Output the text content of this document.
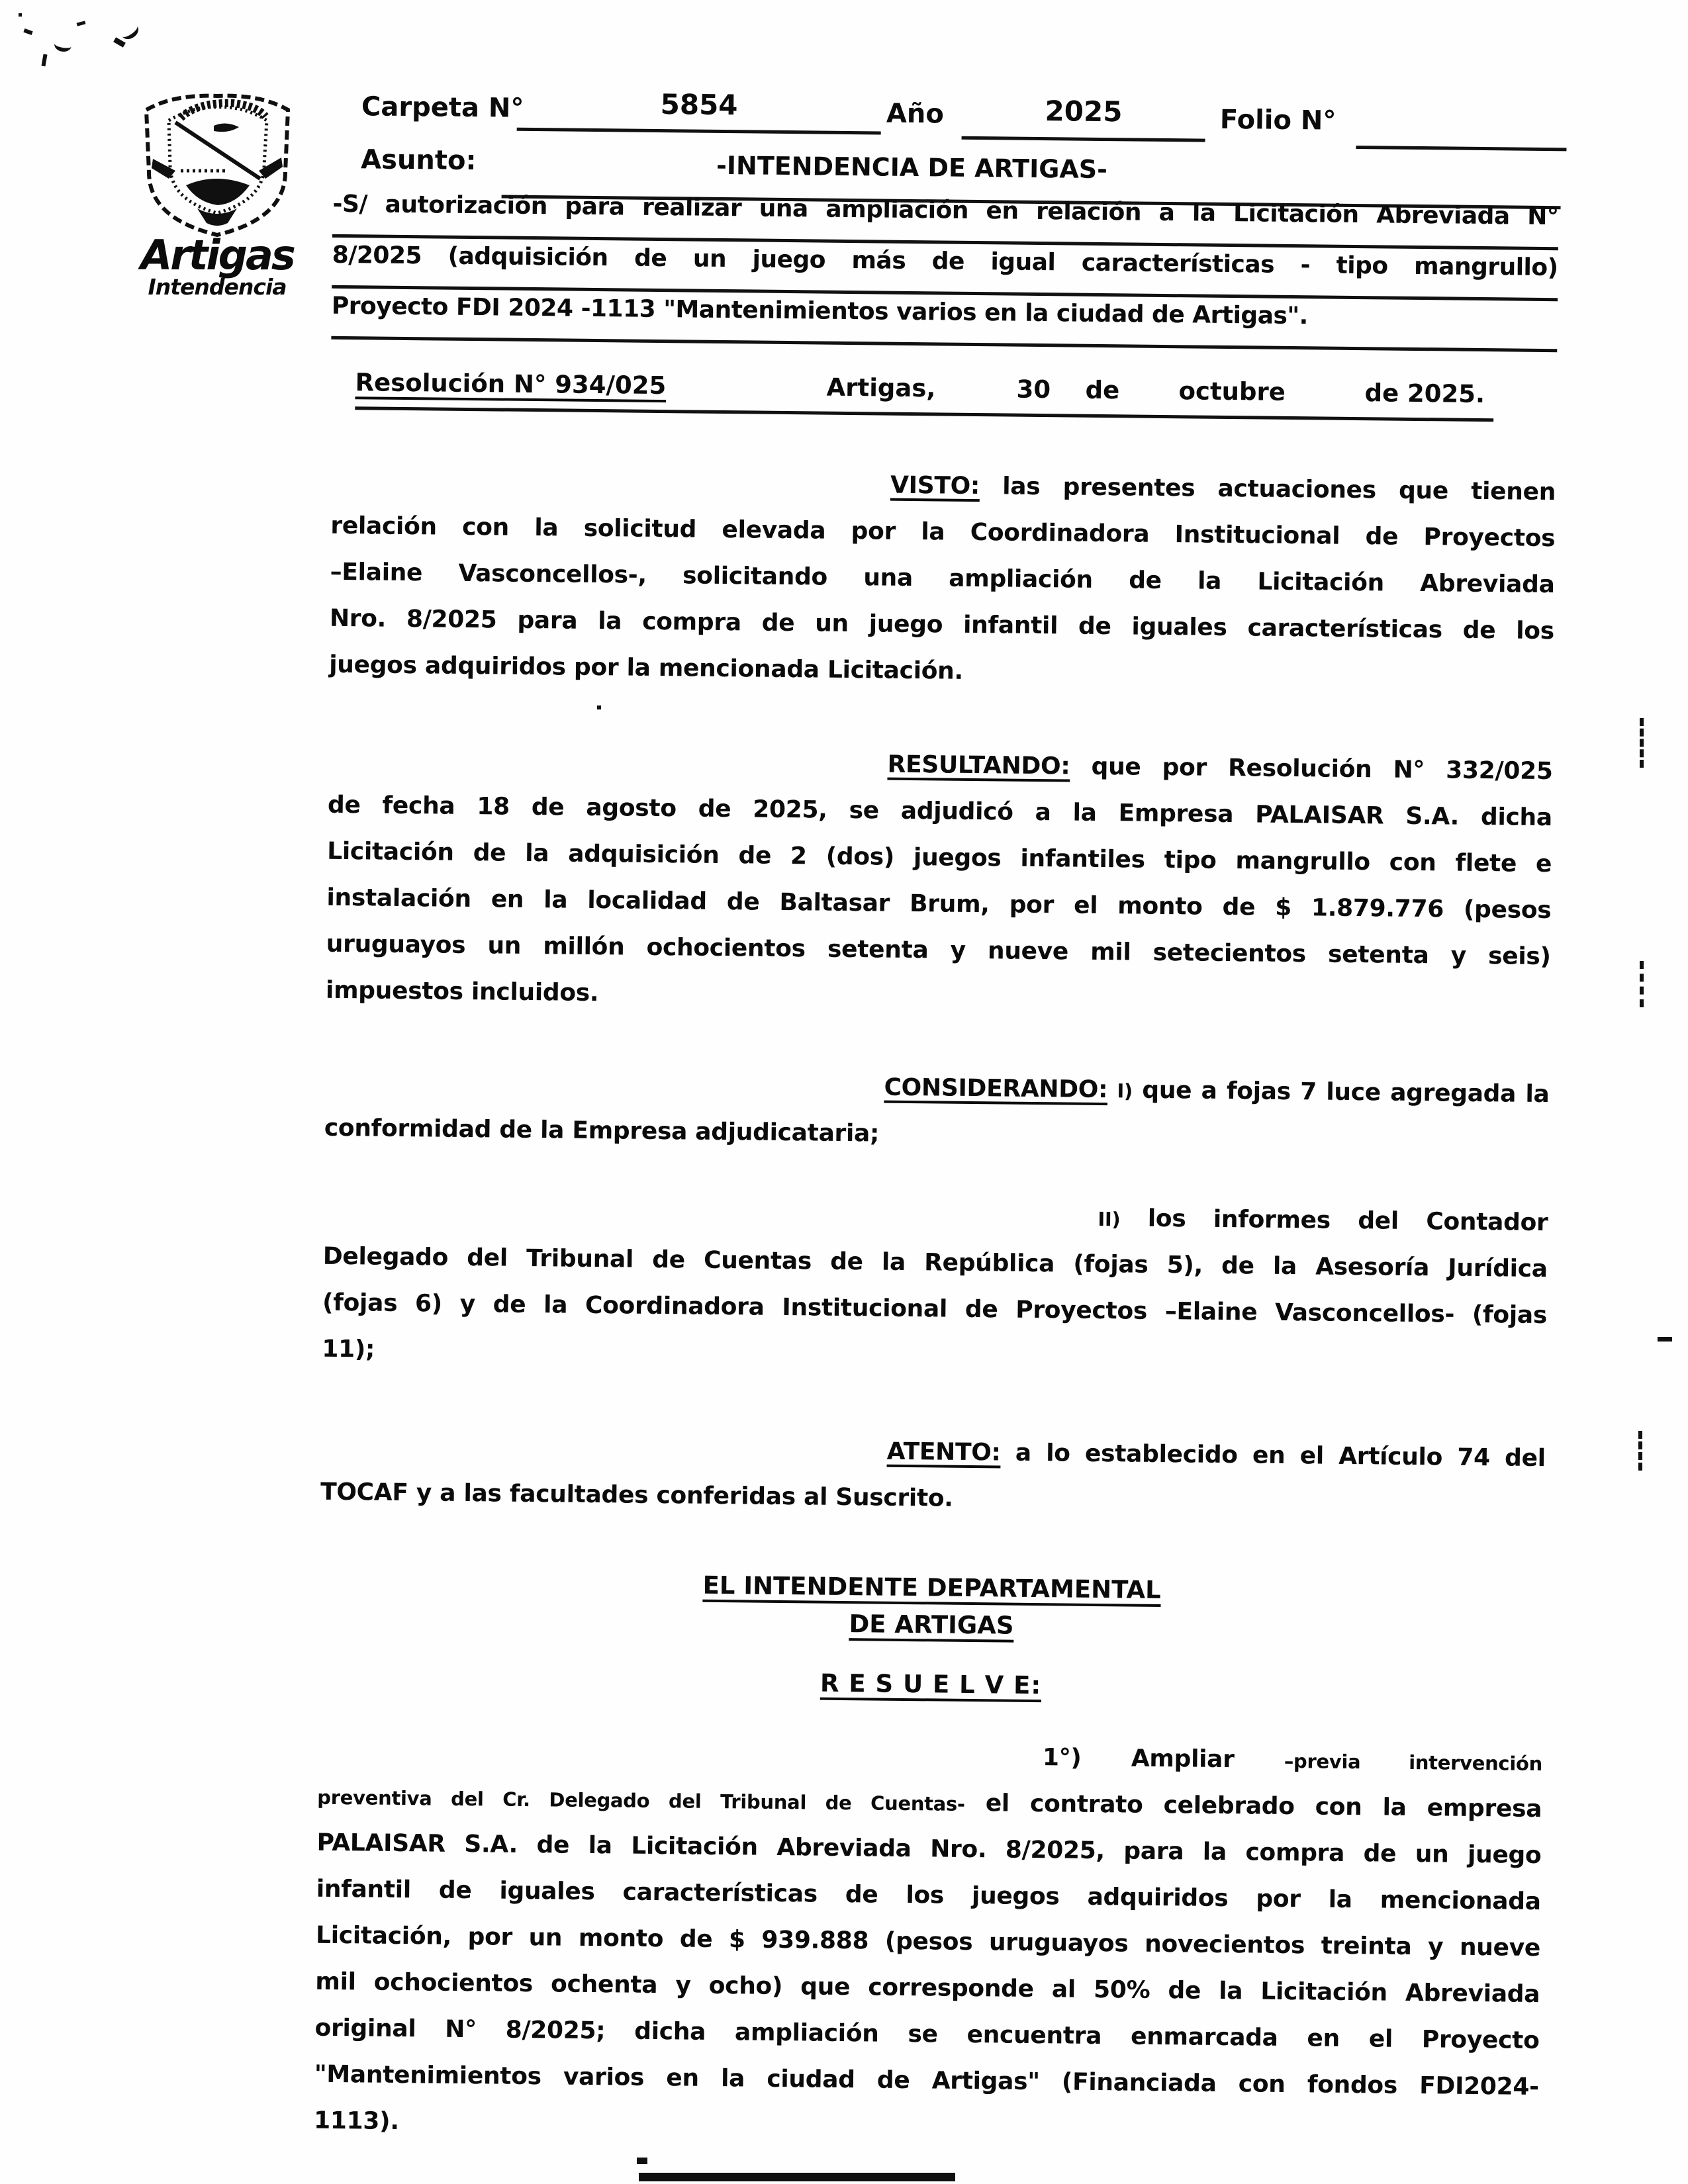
Artigas
Intendencia
Carpeta N°	5854	Año	2025	Folio N°
Asunto:	-INTENDENCIA DE ARTIGAS-
-S/ autorización para realizar una ampliación en relación a la Licitación Abreviada N°
8/2025 (adquisición de un juego más de igual características - tipo mangrullo)
Proyecto FDI 2024 -1113 "Mantenimientos varios en la ciudad de Artigas".
Resolución N° 934/025	Artigas,	30 de octubre	de 2025.
VISTO: las presentes actuaciones que tienen
relación con la solicitud elevada por la Coordinadora Institucional de Proyectos
–Elaine Vasconcellos-, solicitando una ampliación de la Licitación Abreviada
Nro. 8/2025 para la compra de un juego infantil de iguales características de los
juegos adquiridos por la mencionada Licitación.
RESULTANDO: que por Resolución N° 332/025
de fecha 18 de agosto de 2025, se adjudicó a la Empresa PALAISAR S.A. dicha
Licitación de la adquisición de 2 (dos) juegos infantiles tipo mangrullo con flete e
instalación en la localidad de Baltasar Brum, por el monto de $ 1.879.776 (pesos
uruguayos un millón ochocientos setenta y nueve mil setecientos setenta y seis)
impuestos incluidos.
CONSIDERANDO: I) que a fojas 7 luce agregada la
conformidad de la Empresa adjudicataria;
II) los informes del Contador
Delegado del Tribunal de Cuentas de la República (fojas 5), de la Asesoría Jurídica
(fojas 6) y de la Coordinadora Institucional de Proyectos –Elaine Vasconcellos- (fojas
11);
ATENTO: a lo establecido en el Artículo 74 del
TOCAF y a las facultades conferidas al Suscrito.
1°) Ampliar –previa intervención
preventiva del Cr. Delegado del Tribunal de Cuentas- el contrato celebrado con la empresa
PALAISAR S.A. de la Licitación Abreviada Nro. 8/2025, para la compra de un juego
infantil de iguales características de los juegos adquiridos por la mencionada
Licitación, por un monto de $ 939.888 (pesos uruguayos novecientos treinta y nueve
mil ochocientos ochenta y ocho) que corresponde al 50% de la Licitación Abreviada
original N° 8/2025; dicha ampliación se encuentra enmarcada en el Proyecto
"Mantenimientos varios en la ciudad de Artigas" (Financiada con fondos FDI2024-
1113).
EL INTENDENTE DEPARTAMENTAL
DE ARTIGAS
R E S U E L V E:
